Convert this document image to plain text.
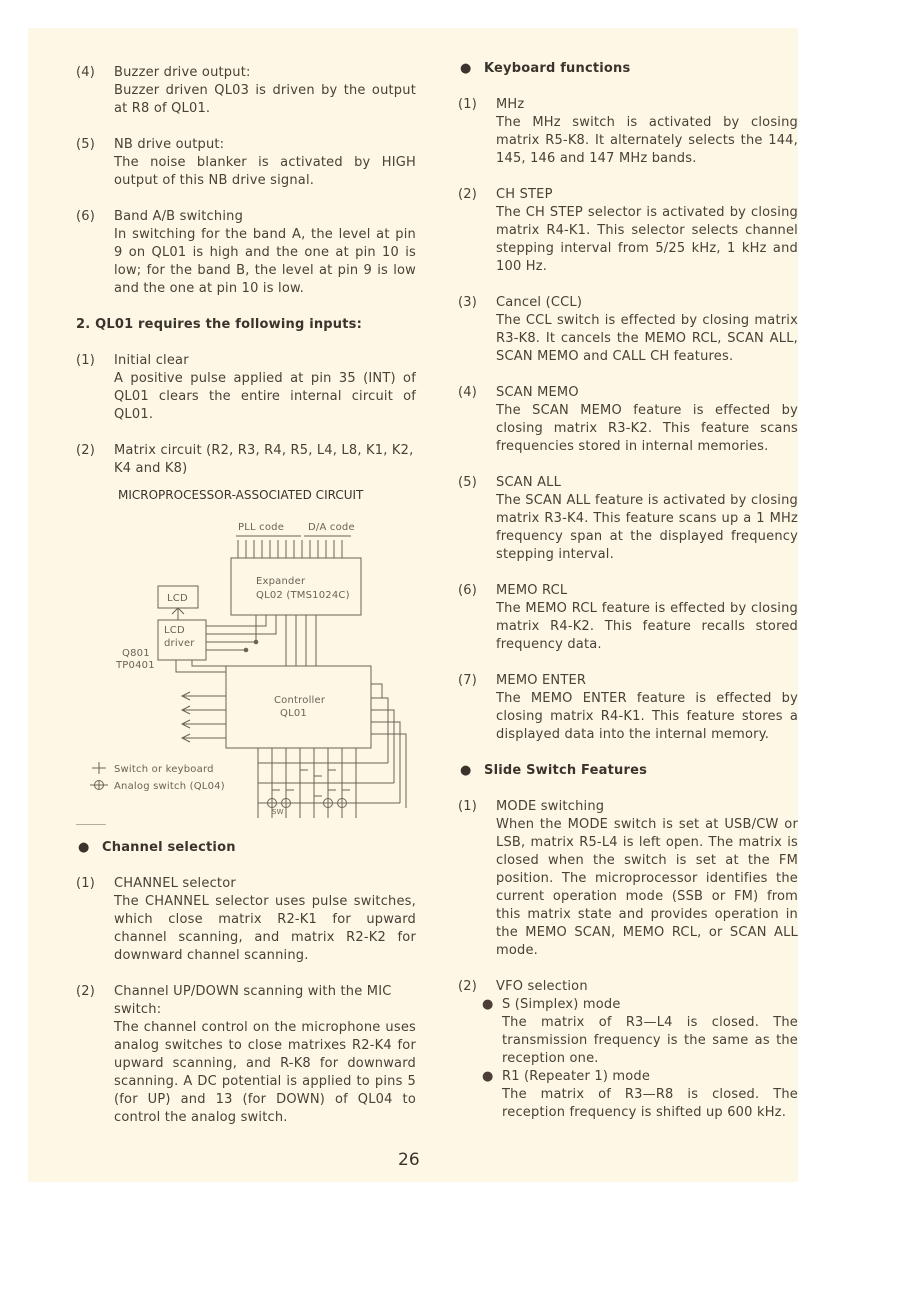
(4) Buzzer drive output:
Buzzer driven QL03 is driven by the output at R8 of QL01.
(5) NB drive output:
The noise blanker is activated by HIGH output of this NB drive signal.
(6) Band A/B switching
In switching for the band A, the level at pin 9 on QL01 is high and the one at pin 10 is low; for the band B, the level at pin 9 is low and the one at pin 10 is low.
2. QL01 requires the following inputs:
(1) Initial clear
A positive pulse applied at pin 35 (INT) of QL01 clears the entire internal circuit of QL01.
(2) Matrix circuit (R2, R3, R4, R5, L4, L8, K1, K2, K4 and K8)
MICROPROCESSOR-ASSOCIATED CIRCUIT
PLL code D/A code
Expander
QL02 (TMS1024C)
LCD
LCD
driver
Q801
TP0401
Controller
QL01
Switch or keyboard
Analog switch (QL04)
SW
● Channel selection
(1) CHANNEL selector
The CHANNEL selector uses pulse switches, which close matrix R2-K1 for upward channel scanning, and matrix R2-K2 for downward channel scanning.
(2) Channel UP/DOWN scanning with the MIC switch:
The channel control on the microphone uses analog switches to close matrixes R2-K4 for upward scanning, and R-K8 for downward scanning. A DC potential is applied to pins 5 (for UP) and 13 (for DOWN) of QL04 to control the analog switch.
● Keyboard functions
(1) MHz
The MHz switch is activated by closing matrix R5-K8. It alternately selects the 144, 145, 146 and 147 MHz bands.
(2) CH STEP
The CH STEP selector is activated by closing matrix R4-K1. This selector selects channel stepping interval from 5/25 kHz, 1 kHz and 100 Hz.
(3) Cancel (CCL)
The CCL switch is effected by closing matrix R3-K8. It cancels the MEMO RCL, SCAN ALL, SCAN MEMO and CALL CH features.
(4) SCAN MEMO
The SCAN MEMO feature is effected by closing matrix R3-K2. This feature scans frequencies stored in internal memories.
(5) SCAN ALL
The SCAN ALL feature is activated by closing matrix R3-K4. This feature scans up a 1 MHz frequency span at the displayed frequency stepping interval.
(6) MEMO RCL
The MEMO RCL feature is effected by closing matrix R4-K2. This feature recalls stored frequency data.
(7) MEMO ENTER
The MEMO ENTER feature is effected by closing matrix R4-K1. This feature stores a displayed data into the internal memory.
● Slide Switch Features
(1) MODE switching
When the MODE switch is set at USB/CW or LSB, matrix R5-L4 is left open. The matrix is closed when the switch is set at the FM position. The microprocessor identifies the current operation mode (SSB or FM) from this matrix state and provides operation in the MEMO SCAN, MEMO RCL, or SCAN ALL mode.
(2) VFO selection
● S (Simplex) mode
The matrix of R3—L4 is closed. The transmission frequency is the same as the reception one.
● R1 (Repeater 1) mode
The matrix of R3—R8 is closed. The reception frequency is shifted up 600 kHz.
26
